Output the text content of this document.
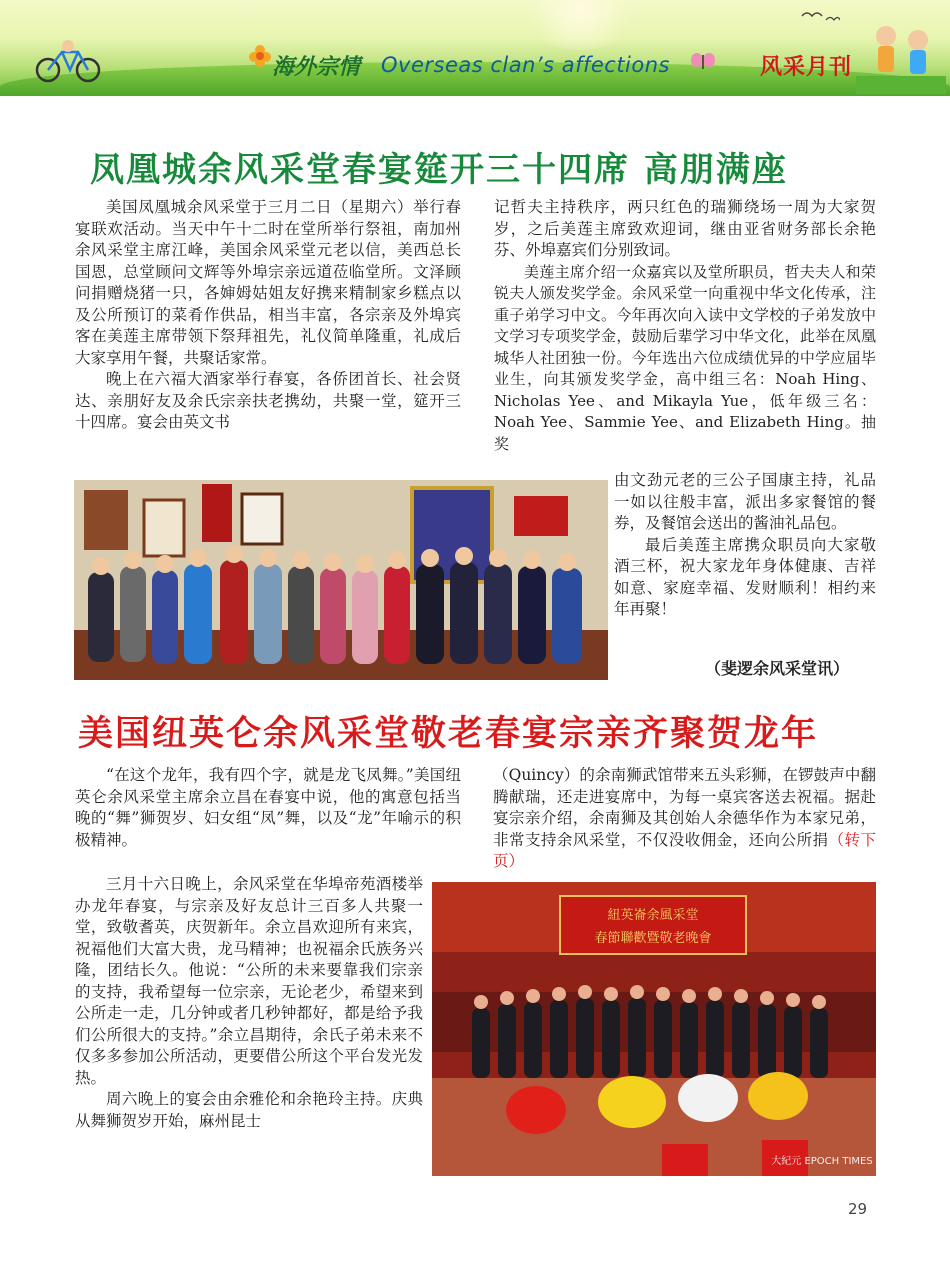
海外宗情 Overseas clan’s affections	风采月刊
凤凰城余风采堂春宴筵开三十四席 高朋满座

美国凤凰城余风采堂于三月二日（星期六）举行春宴联欢活动。当天中午十二时在堂所举行祭祖，南加州余风采堂主席江峰，美国余风采堂元老以信，美西总长国恩，总堂顾问文辉等外埠宗亲远道莅临堂所。文泽顾问捐赠烧猪一只，各婶姆姑姐友好携来精制家乡糕点以及公所预订的菜肴作供品，相当丰富，各宗亲及外埠宾客在美莲主席带领下祭拜祖先，礼仪简单隆重，礼成后大家享用午餐，共聚话家常。

晚上在六福大酒家举行春宴，各侨团首长、社会贤达、亲朋好友及余氏宗亲扶老携幼，共聚一堂，筵开三十四席。宴会由英文书

记哲夫主持秩序，两只红色的瑞狮绕场一周为大家贺岁，之后美莲主席致欢迎词，继由亚省财务部长余艳芬、外埠嘉宾们分别致词。

美莲主席介绍一众嘉宾以及堂所职员，哲夫夫人和荣锐夫人颁发奖学金。余风采堂一向重视中华文化传承，注重子弟学习中文。今年再次向入读中文学校的子弟发放中文学习专项奖学金，鼓励后辈学习中华文化，此举在凤凰城华人社团独一份。今年选出六位成绩优异的中学应届毕业生，向其颁发奖学金，高中组三名：Noah Hing、Nicholas Yee、and Mikayla Yue，低年级三名：Noah Yee、Sammie Yee、and Elizabeth Hing。抽奖

由文劲元老的三公子国康主持，礼品一如以往般丰富，派出多家餐馆的餐券，及餐馆会送出的酱油礼品包。

最后美莲主席携众职员向大家敬酒三杯，祝大家龙年身体健康、吉祥如意、家庭幸福、发财顺利！相约来年再聚！

（斐逻余风采堂讯）
美国纽英仑余风采堂敬老春宴宗亲齐聚贺龙年

“在这个龙年，我有四个字，就是龙飞凤舞。”美国纽英仑余风采堂主席余立昌在春宴中说，他的寓意包括当晚的“舞”狮贺岁、妇女组“凤”舞，以及“龙”年喻示的积极精神。

（Quincy）的余南狮武馆带来五头彩狮，在锣鼓声中翻腾献瑞，还走进宴席中，为每一桌宾客送去祝福。据赴宴宗亲介绍，余南狮及其创始人余德华作为本家兄弟，非常支持余风采堂，不仅没收佣金，还向公所捐（转下页）

三月十六日晚上，余风采堂在华埠帝苑酒楼举办龙年春宴，与宗亲及好友总计三百多人共聚一堂，致敬耆英，庆贺新年。余立昌欢迎所有来宾，祝福他们大富大贵，龙马精神；也祝福余氏族务兴隆，团结长久。他说：“公所的未来要靠我们宗亲的支持，我希望每一位宗亲，无论老少，希望来到公所走一走，几分钟或者几秒钟都好，都是给予我们公所很大的支持。”余立昌期待，余氏子弟未来不仅多多参加公所活动，更要借公所这个平台发光发热。

周六晚上的宴会由余雅伦和余艳玲主持。庆典从舞狮贺岁开始，麻州昆士

紐英崙余風采堂
春節聯歡暨敬老晚會
大紀元 EPOCH TIMES
29
